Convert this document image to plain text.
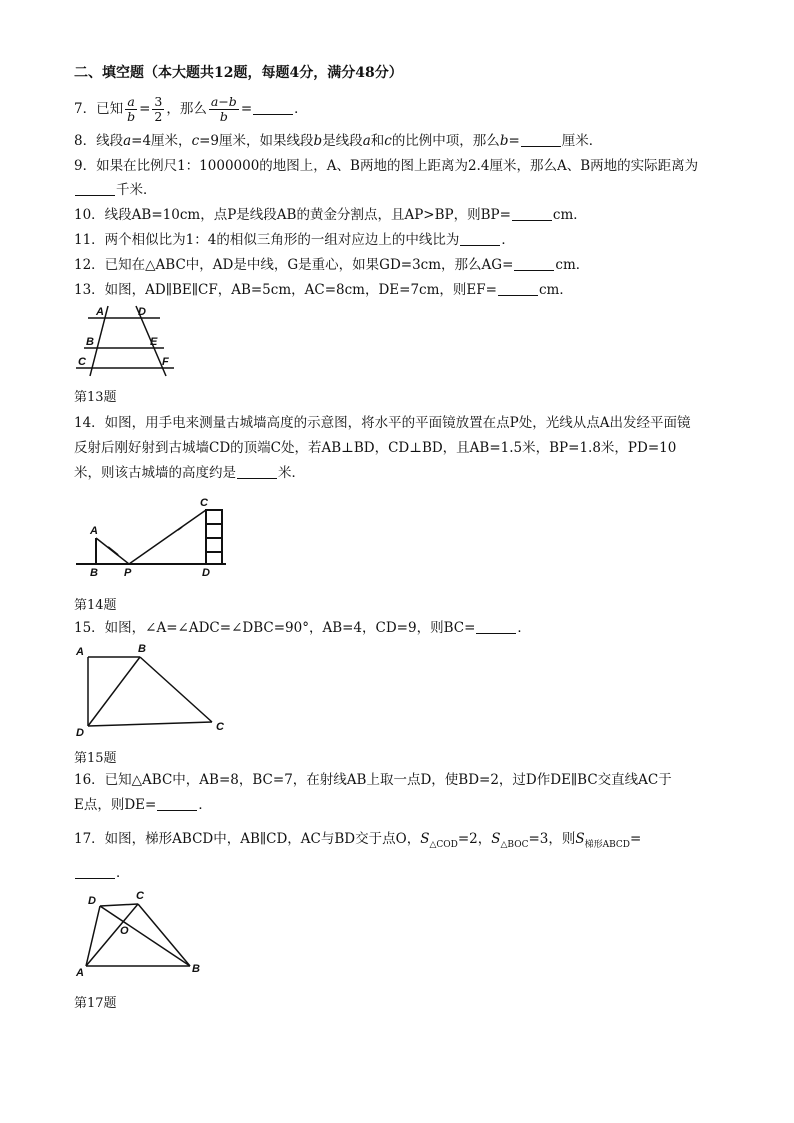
二、填空题（本大题共12题，每题4分，满分48分）
7．已知 $\frac{a}{b} = \frac{3}{2}$ ，那么 $\frac{a-b}{b}$ =	．
8．线段a=4厘米，c=9厘米，如果线段b是线段a和c的比例中项，那么b=	厘米．
9．如果在比例尺1：1000000的地图上，A、B两地的图上距离为2.4厘米，那么A、B两地的实际距离为
千米．
10．线段AB=10cm，点P是线段AB的黄金分割点，且AP>BP，则BP=	cm．
11．两个相似比为1：4的相似三角形的一组对应边上的中线比为	．
12．已知在△ABC中，AD是中线，G是重心，如果GD=3cm，那么AG=	cm．
13．如图，AD∥BE∥CF，AB=5cm，AC=8cm，DE=7cm，则EF=	cm．
A	D
B	E
C	F
第13题
14．如图，用手电来测量古城墙高度的示意图，将水平的平面镜放置在点P处，光线从点A出发经平面镜
反射后刚好射到古城墙CD的顶端C处，若AB⊥BD，CD⊥BD，且AB=1.5米，BP=1.8米，PD=10
米，则该古城墙的高度约是	米．
A
B P
C
D
第14题
15．如图，∠A=∠ADC=∠DBC=90°，AB=4，CD=9，则BC=	．
A	B
C
D
第15题
16．已知△ABC中，AB=8，BC=7，在射线AB上取一点D，使BD=2，过D作DE∥BC交直线AC于
E点，则DE=	．
17．如图，梯形ABCD中，AB∥CD，AC与BD交于点O，$S_{\triangle COD}=2$，$S_{\triangle BOC}=3$，则$S_{梯形ABCD}=$
．
D	C
O
A	B
第17题
